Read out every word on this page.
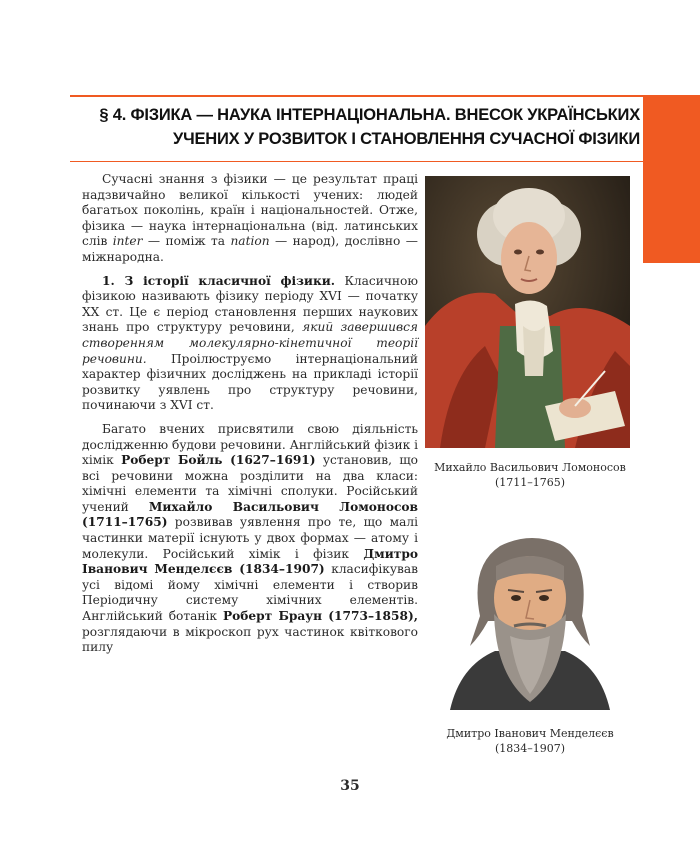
§ 4. ФІЗИКА — НАУКА ІНТЕРНАЦІОНАЛЬНА. ВНЕСОК УКРАЇНСЬКИХ
УЧЕНИХ У РОЗВИТОК І СТАНОВЛЕННЯ СУЧАСНОЇ ФІЗИКИ

Сучасні знання з фізики — це результат праці надзвичайно великої кількості учених: людей багатьох поколінь, країн і національностей. Отже, фізика — наука інтернаціональна (від. латинських слів inter — поміж та nation — народ), дослівно — міжнародна.

1. З історії класичної фізики. Класичною фізикою називають фізику періоду XVI — початку XX ст. Це є період становлення перших наукових знань про структуру речовини, який завершився створенням молекулярно-кінетичної теорії речовини. Проілюструємо інтернаціональний характер фізичних досліджень на прикладі історії розвитку уявлень про структуру речовини, починаючи з XVI ст.

Багато вчених присвятили свою діяльність дослідженню будови речовини. Англійський фізик і хімік Роберт Бойль (1627–1691) установив, що всі речовини можна розділити на два класи: хімічні елементи та хімічні сполуки. Російський учений Михайло Васильович Ломоносов (1711–1765) розвивав уявлення про те, що малі частинки матерії існують у двох формах — атому і молекули. Російський хімік і фізик Дмитро Іванович Менделєєв (1834–1907) класифікував усі відомі йому хімічні елементи і створив Періодичну систему хімічних елементів. Англійський ботанік Роберт Браун (1773–1858), розглядаючи в мікроскоп рух частинок квіткового пилу

Михайло Васильович Ломоносов
(1711–1765)
Дмитро Іванович Менделєєв
(1834–1907)
35
